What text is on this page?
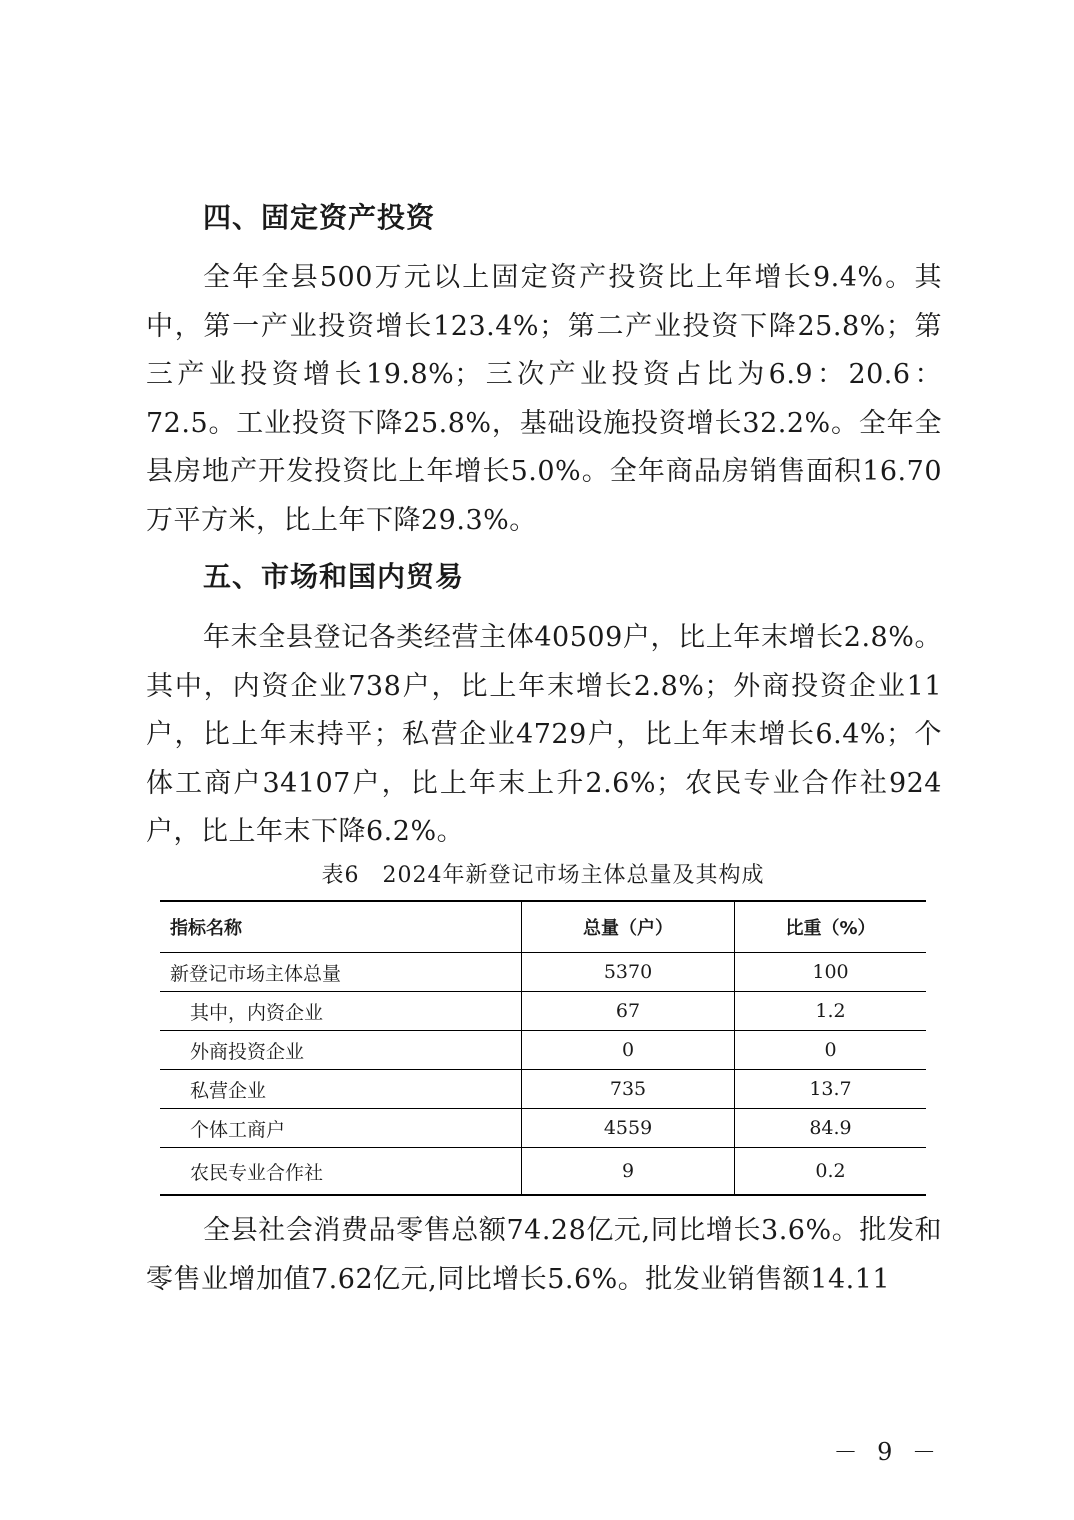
四、固定资产投资

全年全县500万元以上固定资产投资比上年增长9.4%。其中，第一产业投资增长123.4%；第二产业投资下降25.8%；第三产业投资增长19.8%；三次产业投资占比为6.9：20.6：72.5。工业投资下降25.8%，基础设施投资增长32.2%。全年全县房地产开发投资比上年增长5.0%。全年商品房销售面积16.70万平方米，比上年下降29.3%。

五、市场和国内贸易

年末全县登记各类经营主体40509户，比上年末增长2.8%。其中，内资企业738户，比上年末增长2.8%；外商投资企业11户，比上年末持平；私营企业4729户，比上年末增长6.4%；个体工商户34107户，比上年末上升2.6%；农民专业合作社924户，比上年末下降6.2%。

表6　2024年新登记市场主体总量及其构成
指标名称	总量（户）	比重（%）
新登记市场主体总量	5370	100
其中，内资企业	67	1.2
外商投资企业	0	0
私营企业	735	13.7
个体工商户	4559	84.9
农民专业合作社	9	0.2

全县社会消费品零售总额74.28亿元,同比增长3.6%。批发和零售业增加值7.62亿元,同比增长5.6%。批发业销售额14.11

－ 9 －
